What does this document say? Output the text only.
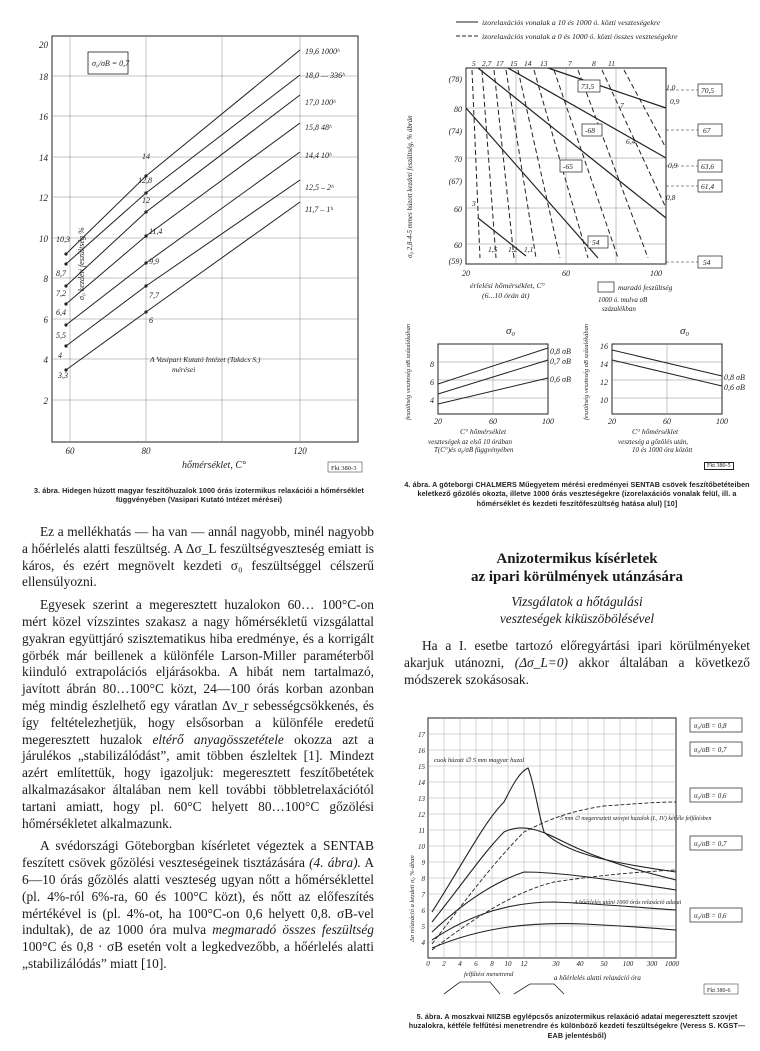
20
18
16
14
12
10
8
6
4
2
60	80	120
3,3
4
5,5
6,4
7,2
8,7
10,3
6
7,7
9,9
11,4
12
12,8
14
19,6 1000ʰ
18,0 — 336ʰ
17,0 100ʰ
15,8 48ʰ
14,4 10ʰ
12,5 – 2ʰ
11,7 – 1ʰ
σ₀/σB = 0,7
A Vasipari Kutató Intézet (Takács S.)
mérései
σ₀ kezdeti feszültség %
hőmérséklet, C°	Fkt 380-3
3. ábra. Hidegen húzott magyar feszítőhuzalok 1000 órás izotermikus relaxációi a hőmérséklet függvényében (Vasipari Kutató Intézet mérései)
izorelaxációs vonalak a 10 és 1000 ó. közti veszteségekre
izorelaxációs vonalak a 0 és 1000 ó. közti összes veszteségekre
5 2,7 17 15 14 13	7	8 11
7
6,4
3
1,5 1,2 1,1
1,0
0,9
0,9
0,8
73,5
-68
-65
54
70,5
67
63,6
61,4
54
(78)
80
(74)
70
(67)
60
60
(59)
20	60	100
σ₀ 2,8-4-5 mmes húzott kezdeti feszültség, % ábrán
érlelési hőmérséklet, C°
(6...10 órán át)
maradó feszültség
1000 ó. mulva σB
százalékban
0,8 σB
0,7 σB
0,6 σB
σ₀
8
6
4
20	60	100
feszültség veszteség σB százalékában
C° hőmérséklet
veszteségek az első 10 órában
0,8 σB
0,6 σB
σ₀
16
14
12
10
20	60	100
feszültség veszteség σB százalékában
C° hőmérséklet
veszteség a gőzölés után,
T(C°)és σ₀/σB függvényében	10 és 1000 óra között
Fkt 380-5
4. ábra. A göteborgi CHALMERS Műegyetem mérési eredményei SENTAB csövek feszítőbetéteiben keletkező gőzölés okozta, illetve 1000 órás veszteségekre (izorelaxációs vonalak felül, ill. a hőmérséklet és kezdeti feszítőfeszültség hatása alul) [10]

Ez a mellékhatás — ha van — annál nagyobb, minél nagyobb a hőérlelés alatti feszültség. A Δσ_L feszültségveszteség emiatt is káros, és ezért megnövelt kezdeti σ₀ feszültséggel célszerű ellensúlyozni.

Egyesek szerint a megeresztett huzalokon 60… 100°C-on mért közel vízszintes szakasz a nagy hőmérsékletű vizsgálattal gyakran együttjáró szisztematikus hiba eredménye, és a korrigált görbék már beillenek a különféle Larson-Miller paraméterből kiinduló extrapolációs eljárásokba. A hibát nem tartalmazó, javított ábrán 80…100°C közt, 24—100 órás korban azonban még mindig észlelhető egy váratlan Δv_r sebességcsökkenés, és így feltételezhetjük, hogy elsősorban a különféle eredetű megeresztett huzalok eltérő anyagösszetétele okozza azt a járulékos „stabilizálódást”, amit többen észleltek [1]. Mindezt azért említettük, hogy igazoljuk: megeresztett feszítőbetétek alkalmazásakor általában nem kell további többletrelaxációtól tartani amiatt, hogy pl. 60°C helyett 80…100°C gőzölési hőmérsékletet alkalmazunk.

A svédországi Göteborgban kísérletet végeztek a SENTAB feszített csövek gőzölési veszteségeinek tisztázására (4. ábra). A 6—10 órás gőzölés alatti veszteség ugyan nőtt a hőmérséklettel (pl. 4%-ról 6%-ra, 60 és 100°C közt), és nőtt az előfeszítés mértékével is (pl. 4%-ot, ha 100°C-on 0,6 helyett 0,8. σB-vel indultak), de az 1000 óra mulva megmaradó összes feszültség 100°C és 0,8 · σB esetén volt a legkedvezőbb, a hőérlelés alatti „stabilizálódás” miatt [10].

Anizotermikus kísérletek
az ipari körülmények utánzására
Vizsgálatok a hőtágulási
veszteségek kiküszöbölésével

Ha a I. esetbe tartozó előregyártási ipari körülményeket akarjuk utánozni, (Δσ_L=0) akkor általában a következő módszerek szokásosak.

17
16
15
14
13
12
11
10
9
8
7
6
5
4
0 2 4 6 8 10 12	30 40 50 100 300 1000
cuok húzott ∅ 5 mm magyar huzal
5 mm ∅ megeresztett szovjet huzalok (I., IV) kétféle felfűtésben
A hőérlelés utáni 1000 órás relaxáció adatai
felfűtési menetrend	a hőérlelés alatti relaxáció óra
Δσ relaxáció a kezdeti σ₀ %-ában
σ₀/σB = 0,8
σ₀/σB = 0,7
σ₀/σB = 0,6
σ₀/σB = 0,7
σ₀/σB = 0,6
Fkt 380-6
5. ábra. A moszkvai NIIZSB egylépcsős anizotermikus relaxáció adatai megeresztett szovjet huzalokra, kétféle felfűtési menetrendre és különböző kezdeti feszültségekre (Veress S. KGST—EAB jelentésből)
